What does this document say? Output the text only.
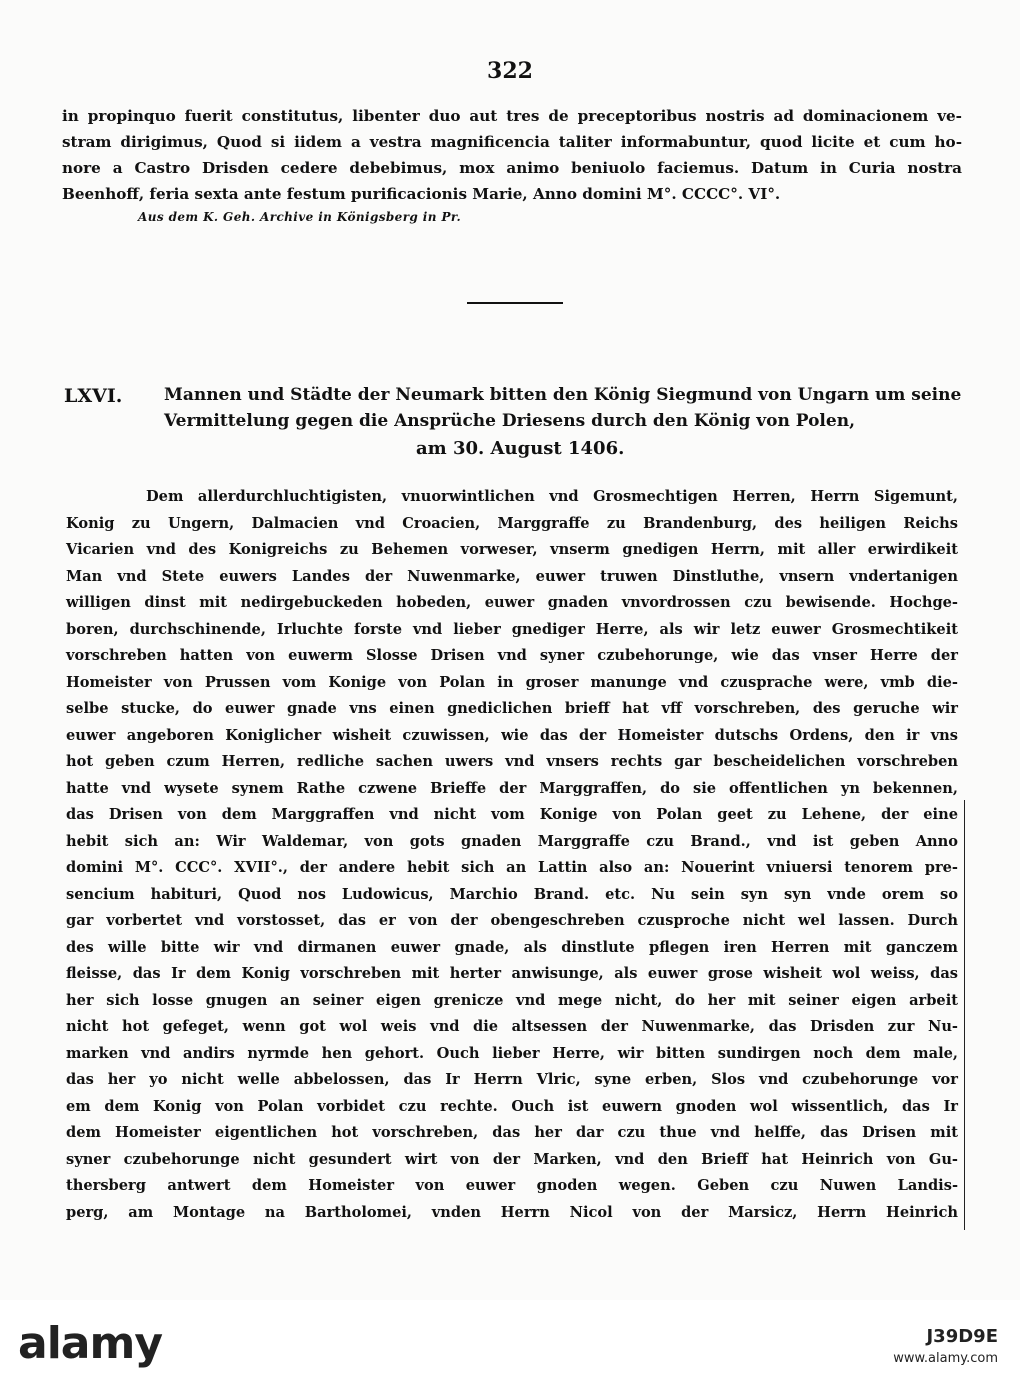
322
in propinquo fuerit constitutus, libenter duo aut tres de preceptoribus nostris ad dominacionem ve-
stram dirigimus, Quod si iidem a vestra magnificencia taliter informabuntur, quod licite et cum ho-
nore a Castro Drisden cedere debebimus, mox animo beniuolo faciemus. Datum in Curia nostra
Beenhoff, feria sexta ante festum purificacionis Marie, Anno domini M°. CCCC°. VI°.
Aus dem K. Geh. Archive in Königsberg in Pr.
LXVI. Mannen und Städte der Neumark bitten den König Siegmund von Ungarn um seine
Vermittelung gegen die Ansprüche Driesens durch den König von Polen,
am 30. August 1406.
Dem allerdurchluchtigisten, vnuorwintlichen vnd Grosmechtigen Herren, Herrn Sigemunt,
Konig zu Ungern, Dalmacien vnd Croacien, Marggraffe zu Brandenburg, des heiligen Reichs
Vicarien vnd des Konigreichs zu Behemen vorweser, vnserm gnedigen Herrn, mit aller erwirdikeit
Man vnd Stete euwers Landes der Nuwenmarke, euwer truwen Dinstluthe, vnsern vndertanigen
willigen dinst mit nedirgebuckeden hobeden, euwer gnaden vnvordrossen czu bewisende. Hochge-
boren, durchschinende, Irluchte forste vnd lieber gnediger Herre, als wir letz euwer Grosmechtikeit
vorschreben hatten von euwerm Slosse Drisen vnd syner czubehorunge, wie das vnser Herre der
Homeister von Prussen vom Konige von Polan in groser manunge vnd czusprache were, vmb die-
selbe stucke, do euwer gnade vns einen gnediclichen brieff hat vff vorschreben, des geruche wir
euwer angeboren Koniglicher wisheit czuwissen, wie das der Homeister dutschs Ordens, den ir vns
hot geben czum Herren, redliche sachen uwers vnd vnsers rechts gar bescheidelichen vorschreben
hatte vnd wysete synem Rathe czwene Brieffe der Marggraffen, do sie offentlichen yn bekennen,
das Drisen von dem Marggraffen vnd nicht vom Konige von Polan geet zu Lehene, der eine
hebit sich an: Wir Waldemar, von gots gnaden Marggraffe czu Brand., vnd ist geben Anno
domini M°. CCC°. XVII°., der andere hebit sich an Lattin also an: Nouerint vniuersi tenorem pre-
sencium habituri, Quod nos Ludowicus, Marchio Brand. etc. Nu sein syn syn vnde orem so
gar vorbertet vnd vorstosset, das er von der obengeschreben czusproche nicht wel lassen. Durch
des wille bitte wir vnd dirmanen euwer gnade, als dinstlute pflegen iren Herren mit ganczem
fleisse, das Ir dem Konig vorschreben mit herter anwisunge, als euwer grose wisheit wol weiss, das
her sich losse gnugen an seiner eigen grenicze vnd mege nicht, do her mit seiner eigen arbeit
nicht hot gefeget, wenn got wol weis vnd die altsessen der Nuwenmarke, das Drisden zur Nu-
marken vnd andirs nyrmde hen gehort. Ouch lieber Herre, wir bitten sundirgen noch dem male,
das her yo nicht welle abbelossen, das Ir Herrn Vlric, syne erben, Slos vnd czubehorunge vor
em dem Konig von Polan vorbidet czu rechte. Ouch ist euwern gnoden wol wissentlich, das Ir
dem Homeister eigentlichen hot vorschreben, das her dar czu thue vnd helffe, das Drisen mit
syner czubehorunge nicht gesundert wirt von der Marken, vnd den Brieff hat Heinrich von Gu-
thersberg antwert dem Homeister von euwer gnoden wegen. Geben czu Nuwen Landis-
perg, am Montage na Bartholomei, vnden Herrn Nicol von der Marsicz, Herrn Heinrich
alamy	J39D9E
www.alamy.com
